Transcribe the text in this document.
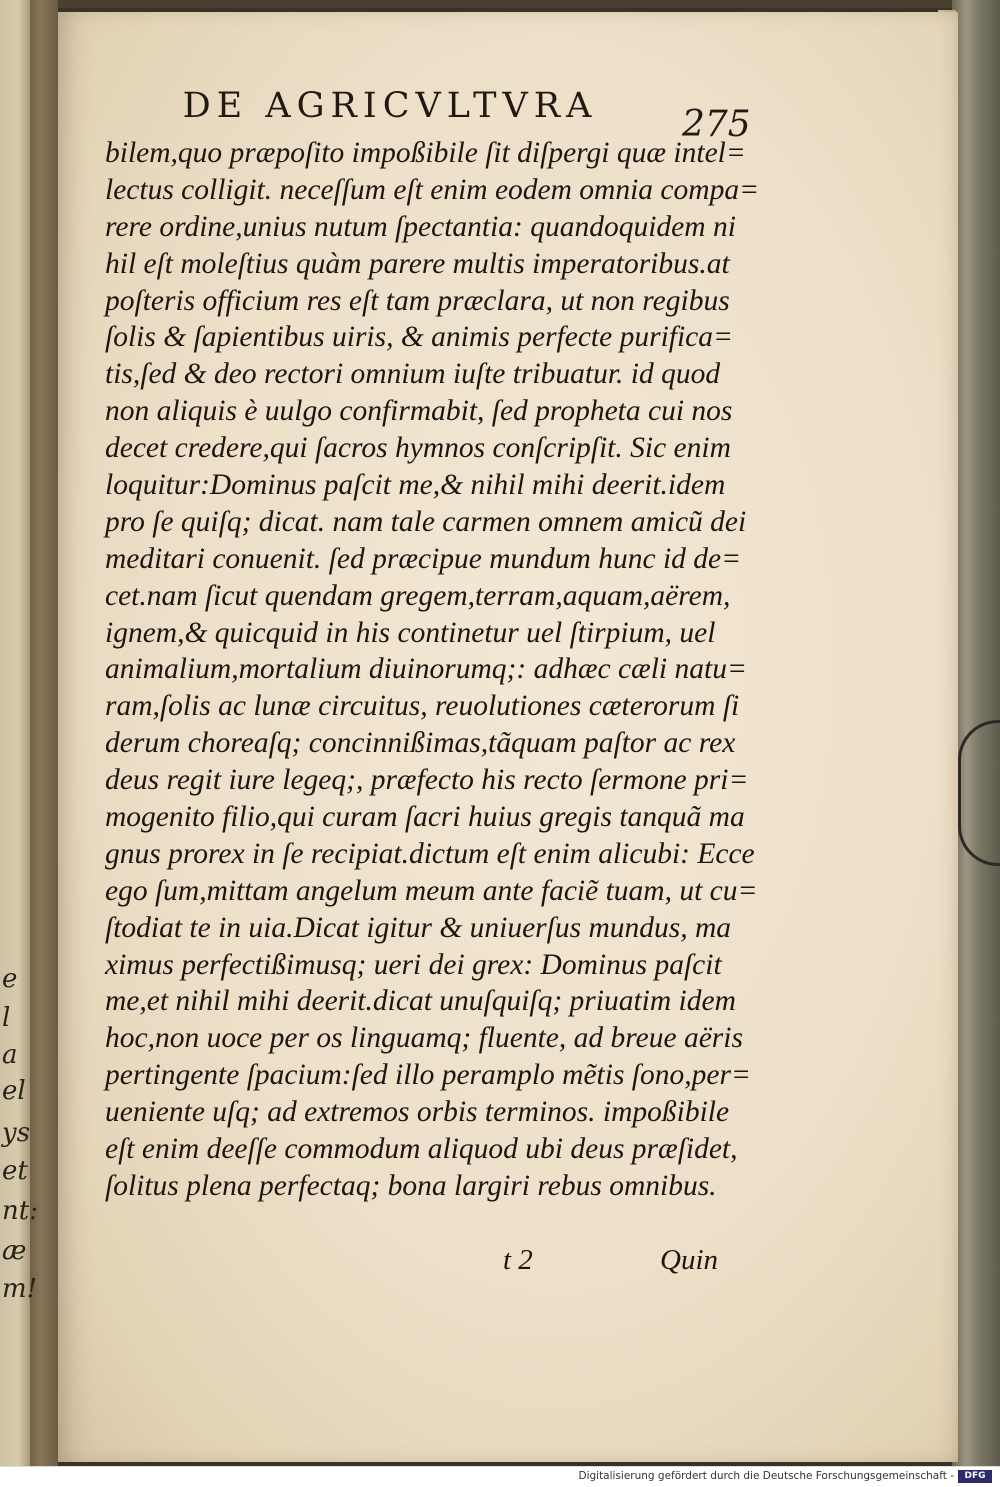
e
l
a
el
ys
et
nt:
æ
m!
DE AGRICVLTVRA	275
bilem,quo præpoſito impoßibile ſit diſpergi quæ intel=
lectus colligit. neceſſum eſt enim eodem omnia compa=
rere ordine,unius nutum ſpectantia: quandoquidem ni
hil eſt moleſtius quàm parere multis imperatoribus.at
poſteris officium res eſt tam præclara, ut non regibus
ſolis & ſapientibus uiris, & animis perfecte purifica=
tis,ſed & deo rectori omnium iuſte tribuatur. id quod
non aliquis è uulgo confirmabit, ſed propheta cui nos
decet credere,qui ſacros hymnos conſcripſit. Sic enim
loquitur:Dominus paſcit me,& nihil mihi deerit.idem
pro ſe quiſq; dicat. nam tale carmen omnem amicũ dei
meditari conuenit. ſed præcipue mundum hunc id de=
cet.nam ſicut quendam gregem,terram,aquam,aërem,
ignem,& quicquid in his continetur uel ſtirpium, uel
animalium,mortalium diuinorumq;: adhæc cæli natu=
ram,ſolis ac lunæ circuitus, reuolutiones cæterorum ſi
derum choreaſq; concinnißimas,tãquam paſtor ac rex
deus regit iure legeq;, præfecto his recto ſermone pri=
mogenito filio,qui curam ſacri huius gregis tanquã ma
gnus prorex in ſe recipiat.dictum eſt enim alicubi: Ecce
ego ſum,mittam angelum meum ante faciẽ tuam, ut cu=
ſtodiat te in uia.Dicat igitur & uniuerſus mundus, ma
ximus perfectißimusq; ueri dei grex: Dominus paſcit
me,et nihil mihi deerit.dicat unuſquiſq; priuatim idem
hoc,non uoce per os linguamq; fluente, ad breue aëris
pertingente ſpacium:ſed illo peramplo mẽtis ſono,per=
ueniente uſq; ad extremos orbis terminos. impoßibile
eſt enim deeſſe commodum aliquod ubi deus præſidet,
ſolitus plena perfectaq; bona largiri rebus omnibus.
t 2	Quin
Digitalisierung gefördert durch die Deutsche Forschungsgemeinschaft -	DFG
